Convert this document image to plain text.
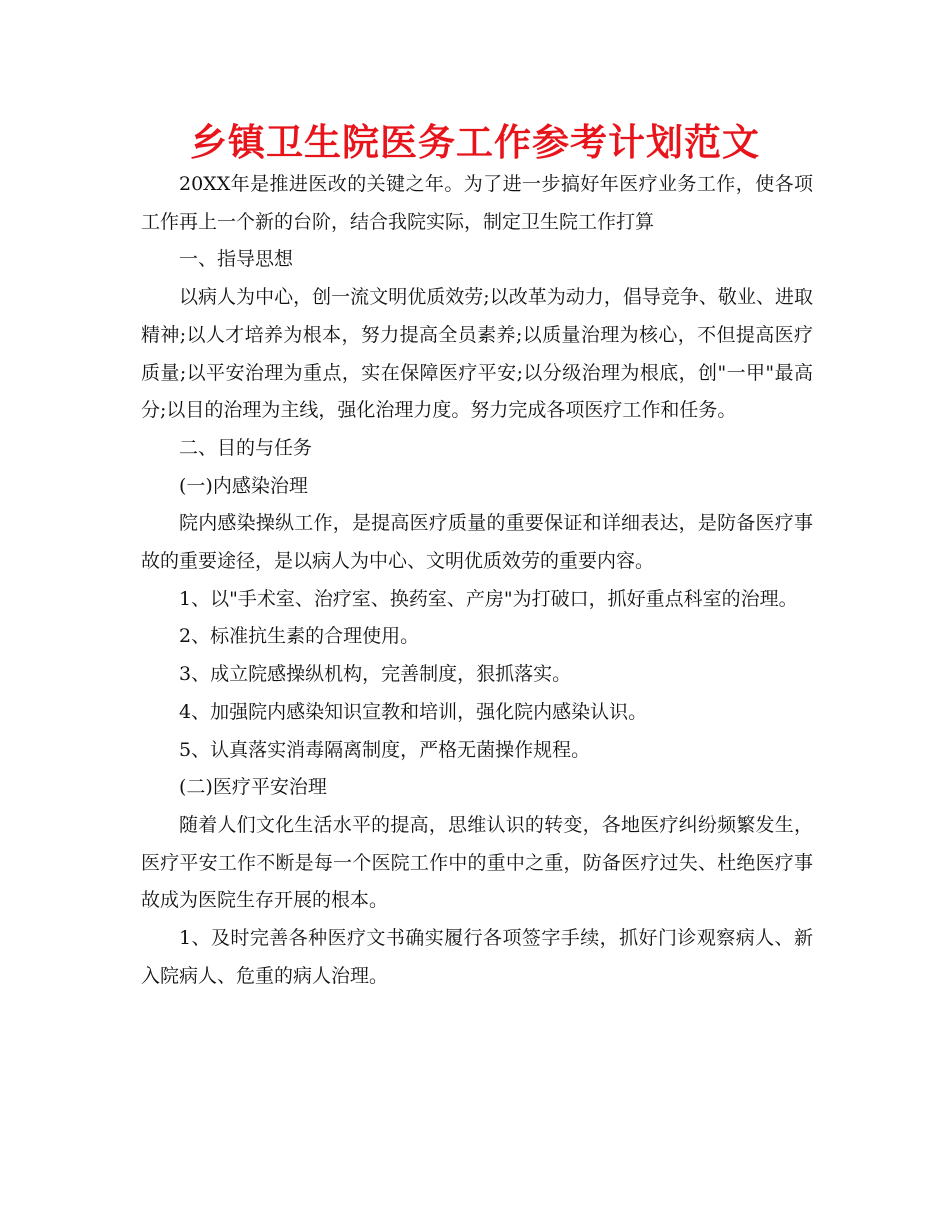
乡镇卫生院医务工作参考计划范文

20XX年是推进医改的关键之年。为了进一步搞好年医疗业务工作，使各项工作再上一个新的台阶，结合我院实际，制定卫生院工作打算

一、指导思想

以病人为中心，创一流文明优质效劳;以改革为动力，倡导竞争、敬业、进取精神;以人才培养为根本，努力提高全员素养;以质量治理为核心，不但提高医疗质量;以平安治理为重点，实在保障医疗平安;以分级治理为根底，创"一甲"最高分;以目的治理为主线，强化治理力度。努力完成各项医疗工作和任务。

二、目的与任务

(一)内感染治理

院内感染操纵工作，是提高医疗质量的重要保证和详细表达，是防备医疗事故的重要途径，是以病人为中心、文明优质效劳的重要内容。

1、以"手术室、治疗室、换药室、产房"为打破口，抓好重点科室的治理。

2、标准抗生素的合理使用。

3、成立院感操纵机构，完善制度，狠抓落实。

4、加强院内感染知识宣教和培训，强化院内感染认识。

5、认真落实消毒隔离制度，严格无菌操作规程。

(二)医疗平安治理

随着人们文化生活水平的提高，思维认识的转变，各地医疗纠纷频繁发生，医疗平安工作不断是每一个医院工作中的重中之重，防备医疗过失、杜绝医疗事故成为医院生存开展的根本。

1、及时完善各种医疗文书确实履行各项签字手续，抓好门诊观察病人、新入院病人、危重的病人治理。
